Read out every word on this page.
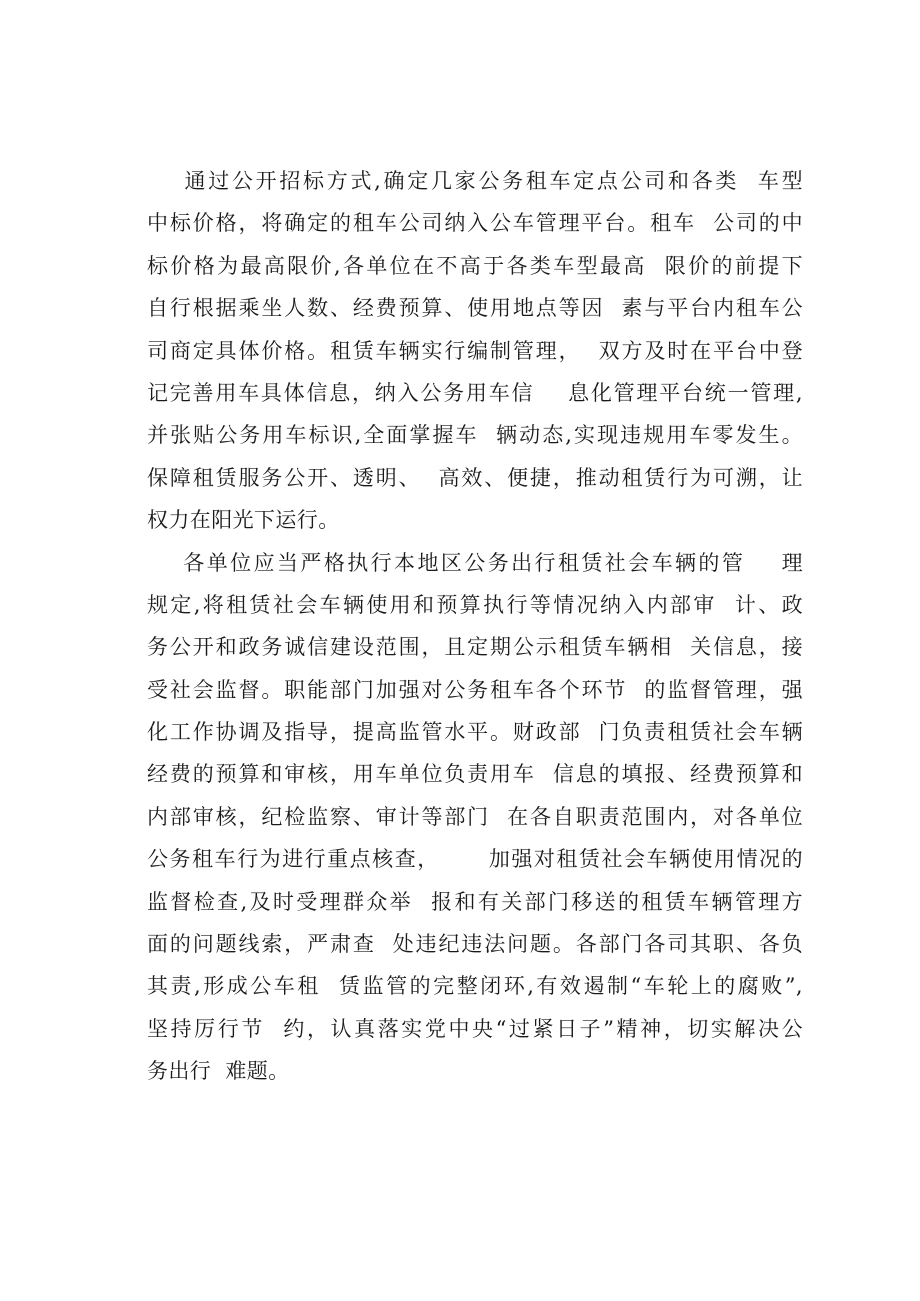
通过公开招标方式,确定几家公务租车定点公司和各类  车型
中标价格，将确定的租车公司纳入公车管理平台。租车  公司的中
标价格为最高限价,各单位在不高于各类车型最高  限价的前提下
自行根据乘坐人数、经费预算、使用地点等因  素与平台内租车公
司商定具体价格。租赁车辆实行编制管理，  双方及时在平台中登
记完善用车具体信息，纳入公务用车信    息化管理平台统一管理,
并张贴公务用车标识,全面掌握车  辆动态,实现违规用车零发生。
保障租赁服务公开、透明、  高效、便捷，推动租赁行为可溯，让
权力在阳光下运行。
各单位应当严格执行本地区公务出行租赁社会车辆的管    理
规定,将租赁社会车辆使用和预算执行等情况纳入内部审  计、政
务公开和政务诚信建设范围，且定期公示租赁车辆相  关信息，接
受社会监督。职能部门加强对公务租车各个环节  的监督管理，强
化工作协调及指导，提高监管水平。财政部  门负责租赁社会车辆
经费的预算和审核，用车单位负责用车  信息的填报、经费预算和
内部审核，纪检监察、审计等部门  在各自职责范围内，对各单位
公务租车行为进行重点核查，      加强对租赁社会车辆使用情况的
监督检查,及时受理群众举  报和有关部门移送的租赁车辆管理方
面的问题线索，严肃查  处违纪违法问题。各部门各司其职、各负
其责,形成公车租  赁监管的完整闭环,有效遏制“车轮上的腐败”,
坚持厉行节  约，认真落实党中央“过紧日子”精神，切实解决公
务出行  难题。
